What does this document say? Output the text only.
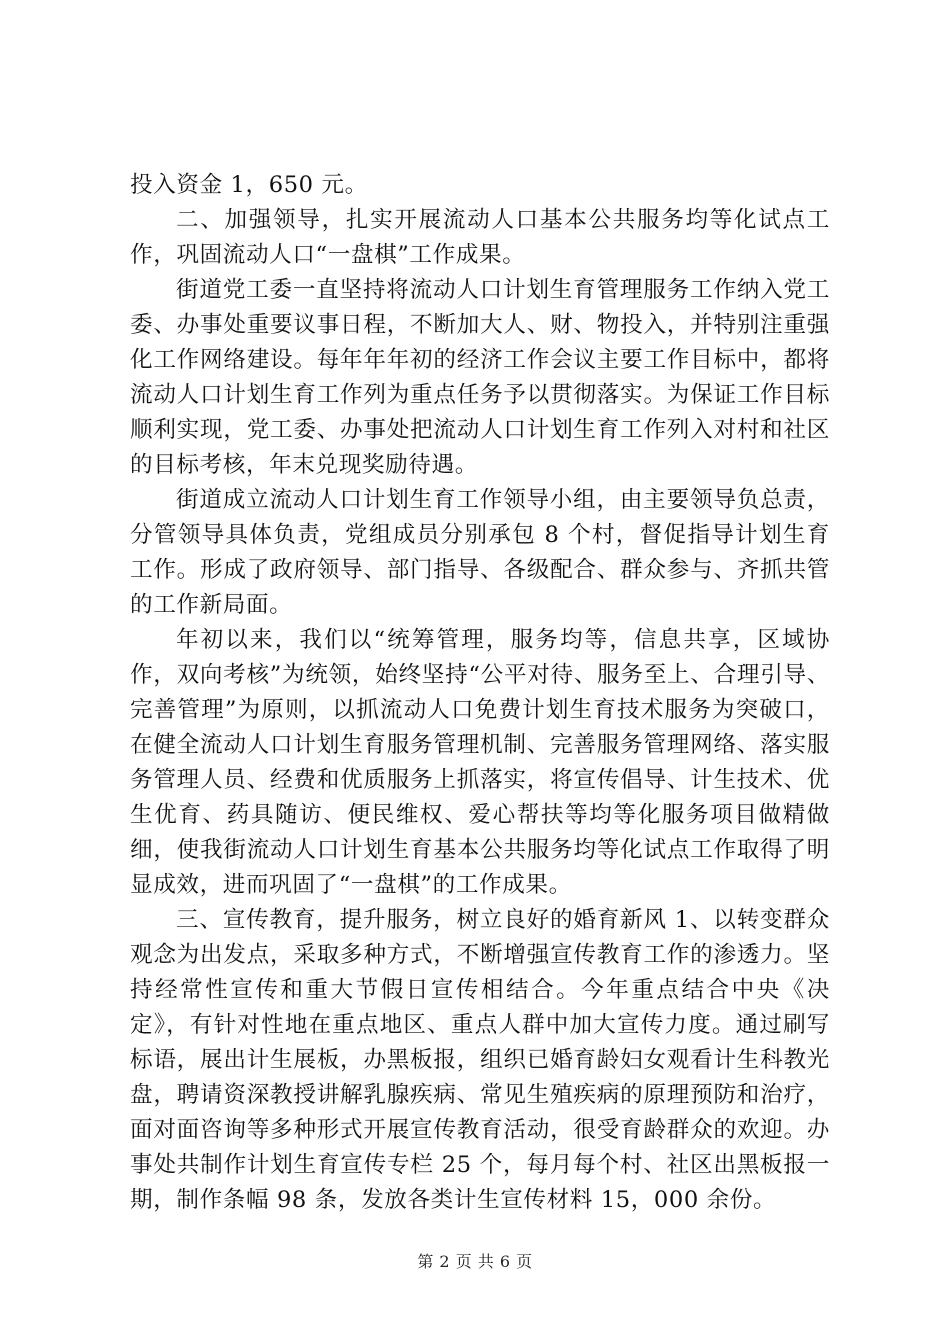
投入资金 1，650 元。

二、加强领导，扎实开展流动人口基本公共服务均等化试点工作，巩固流动人口“一盘棋”工作成果。

街道党工委一直坚持将流动人口计划生育管理服务工作纳入党工委、办事处重要议事日程，不断加大人、财、物投入，并特别注重强化工作网络建设。每年年年初的经济工作会议主要工作目标中，都将流动人口计划生育工作列为重点任务予以贯彻落实。为保证工作目标顺利实现，党工委、办事处把流动人口计划生育工作列入对村和社区的目标考核，年末兑现奖励待遇。

街道成立流动人口计划生育工作领导小组，由主要领导负总责，分管领导具体负责，党组成员分别承包 8 个村，督促指导计划生育工作。形成了政府领导、部门指导、各级配合、群众参与、齐抓共管的工作新局面。

年初以来，我们以“统筹管理，服务均等，信息共享，区域协作，双向考核”为统领，始终坚持“公平对待、服务至上、合理引导、完善管理”为原则，以抓流动人口免费计划生育技术服务为突破口，在健全流动人口计划生育服务管理机制、完善服务管理网络、落实服务管理人员、经费和优质服务上抓落实，将宣传倡导、计生技术、优生优育、药具随访、便民维权、爱心帮扶等均等化服务项目做精做细，使我街流动人口计划生育基本公共服务均等化试点工作取得了明显成效，进而巩固了“一盘棋”的工作成果。

三、宣传教育，提升服务，树立良好的婚育新风 1、以转变群众观念为出发点，采取多种方式，不断增强宣传教育工作的渗透力。坚持经常性宣传和重大节假日宣传相结合。今年重点结合中央《决定》，有针对性地在重点地区、重点人群中加大宣传力度。通过刷写标语，展出计生展板，办黑板报，组织已婚育龄妇女观看计生科教光盘，聘请资深教授讲解乳腺疾病、常见生殖疾病的原理预防和治疗，面对面咨询等多种形式开展宣传教育活动，很受育龄群众的欢迎。办事处共制作计划生育宣传专栏 25 个，每月每个村、社区出黑板报一期，制作条幅 98 条，发放各类计生宣传材料 15，000 余份。

第 2 页 共 6 页
